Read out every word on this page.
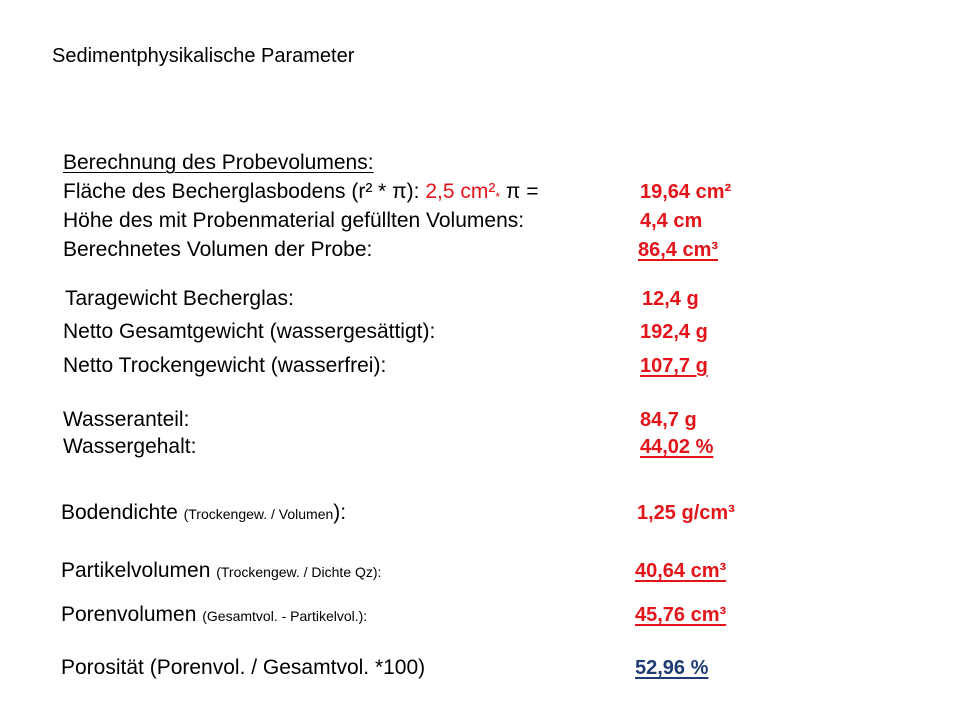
Sedimentphysikalische Parameter
Berechnung des Probevolumens:
Fläche des Becherglasbodens (r² * π): 2,5 $cm^2_*$ π =	19,64 cm²
Höhe des mit Probenmaterial gefüllten Volumens:	4,4 cm
Berechnetes Volumen der Probe:	86,4 cm³
Taragewicht Becherglas:	12,4 g
Netto Gesamtgewicht (wassergesättigt):	192,4 g
Netto Trockengewicht (wasserfrei):	107,7 g
Wasseranteil:	84,7 g
Wassergehalt:	44,02 %
Bodendichte (Trockengew. / Volumen):	1,25 g/cm³
Partikelvolumen (Trockengew. / Dichte Qz):	40,64 cm³
Porenvolumen (Gesamtvol. - Partikelvol.):	45,76 cm³
Porosität (Porenvol. / Gesamtvol. *100)	52,96 %
